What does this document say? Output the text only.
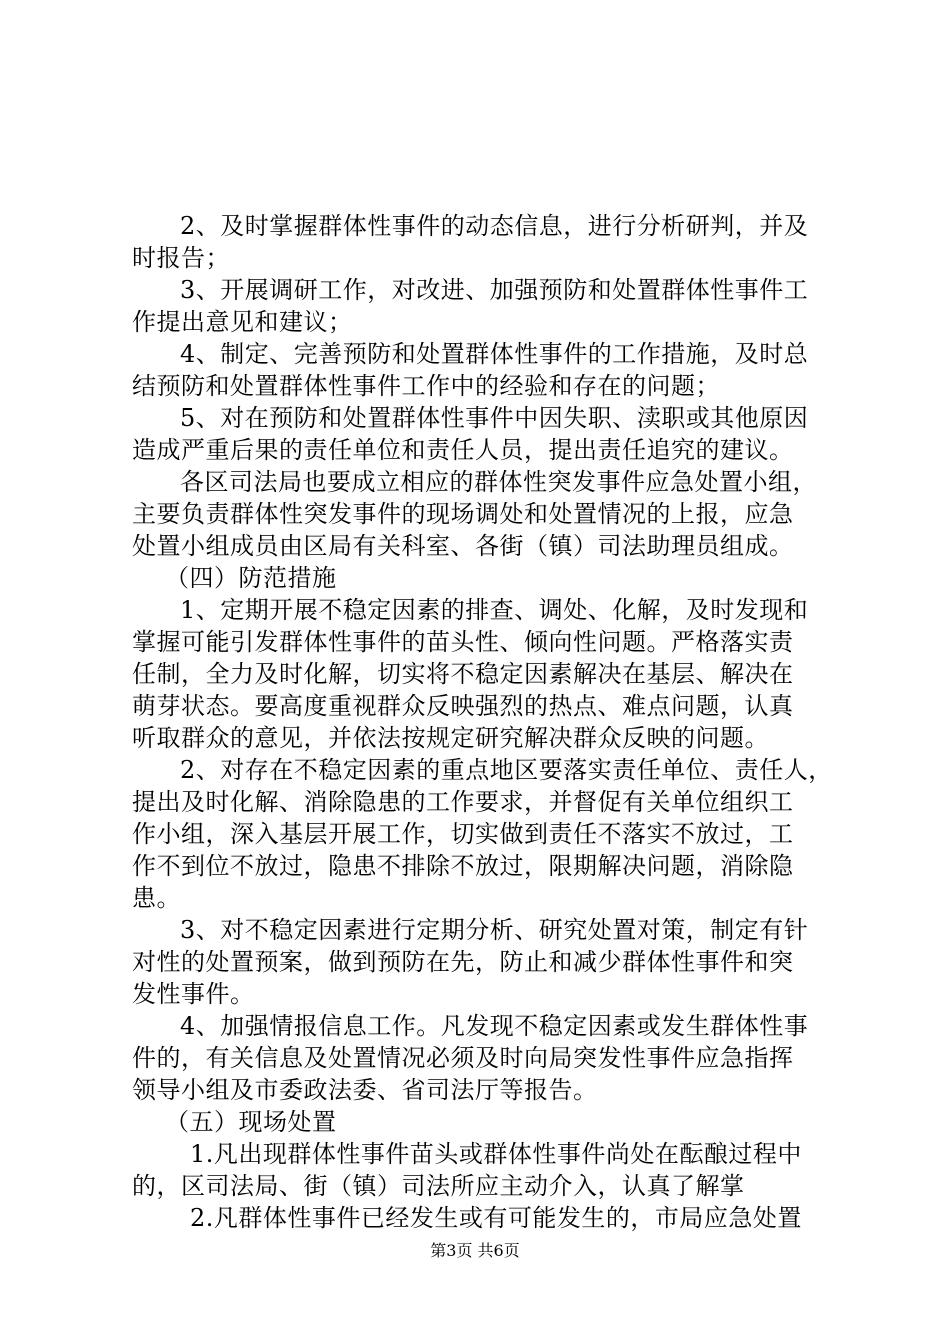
2、及时掌握群体性事件的动态信息，进行分析研判，并及
时报告；
3、开展调研工作，对改进、加强预防和处置群体性事件工
作提出意见和建议；
4、制定、完善预防和处置群体性事件的工作措施，及时总
结预防和处置群体性事件工作中的经验和存在的问题；
5、对在预防和处置群体性事件中因失职、渎职或其他原因
造成严重后果的责任单位和责任人员，提出责任追究的建议。
各区司法局也要成立相应的群体性突发事件应急处置小组，
主要负责群体性突发事件的现场调处和处置情况的上报，应急
处置小组成员由区局有关科室、各街（镇）司法助理员组成。
（四）防范措施
1、定期开展不稳定因素的排查、调处、化解，及时发现和
掌握可能引发群体性事件的苗头性、倾向性问题。严格落实责
任制，全力及时化解，切实将不稳定因素解决在基层、解决在
萌芽状态。要高度重视群众反映强烈的热点、难点问题，认真
听取群众的意见，并依法按规定研究解决群众反映的问题。
2、对存在不稳定因素的重点地区要落实责任单位、责任人，
提出及时化解、消除隐患的工作要求，并督促有关单位组织工
作小组，深入基层开展工作，切实做到责任不落实不放过，工
作不到位不放过，隐患不排除不放过，限期解决问题，消除隐
患。
3、对不稳定因素进行定期分析、研究处置对策，制定有针
对性的处置预案，做到预防在先，防止和减少群体性事件和突
发性事件。
4、加强情报信息工作。凡发现不稳定因素或发生群体性事
件的，有关信息及处置情况必须及时向局突发性事件应急指挥
领导小组及市委政法委、省司法厅等报告。
（五）现场处置
1.凡出现群体性事件苗头或群体性事件尚处在酝酿过程中
的，区司法局、街（镇）司法所应主动介入，认真了解掌
2.凡群体性事件已经发生或有可能发生的，市局应急处置
第3页 共6页
